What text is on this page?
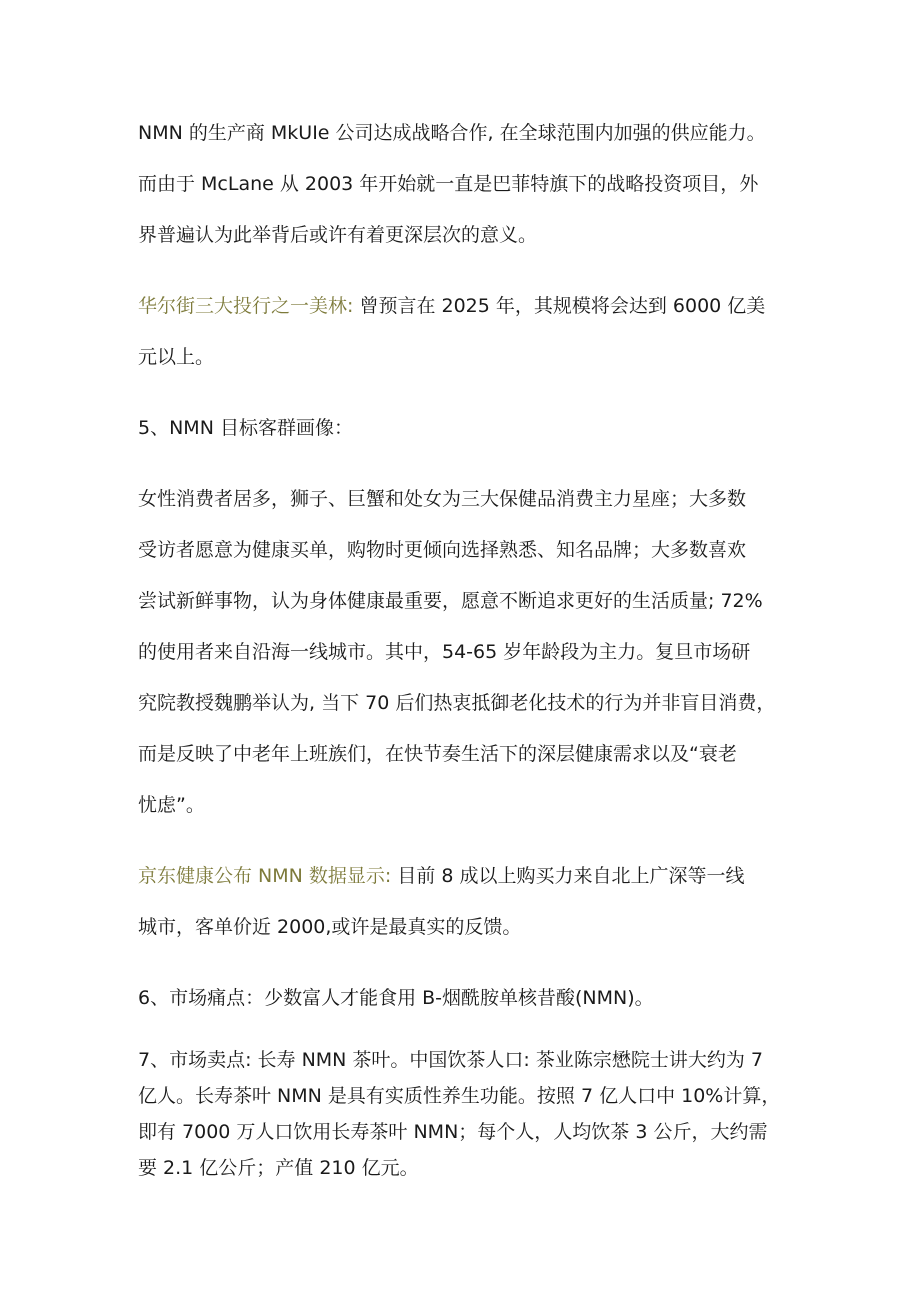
NMN 的生产商 MkUIe 公司达成战略合作, 在全球范围内加强的供应能力。
而由于 McLane 从 2003 年开始就一直是巴菲特旗下的战略投资项目，外
界普遍认为此举背后或许有着更深层次的意义。

华尔街三大投行之一美林: 曾预言在 2025 年，其规模将会达到 6000 亿美
元以上。

5、NMN 目标客群画像：

女性消费者居多，狮子、巨蟹和处女为三大保健品消费主力星座；大多数
受访者愿意为健康买单，购物时更倾向选择熟悉、知名品牌；大多数喜欢
尝试新鲜事物，认为身体健康最重要，愿意不断追求更好的生活质量; 72%
的使用者来自沿海一线城市。其中，54-65 岁年龄段为主力。复旦市场研
究院教授魏鹏举认为, 当下 70 后们热衷抵御老化技术的行为并非盲目消费，
而是反映了中老年上班族们，在快节奏生活下的深层健康需求以及“衰老
忧虑”。

京东健康公布 NMN 数据显示: 目前 8 成以上购买力来自北上广深等一线
城市，客单价近 2000,或许是最真实的反馈。

6、市场痛点：少数富人才能食用 B-烟酰胺单核昔酸(NMN)。

7、市场卖点: 长寿 NMN 茶叶。中国饮茶人口: 茶业陈宗懋院士讲大约为 7
亿人。长寿茶叶 NMN 是具有实质性养生功能。按照 7 亿人口中 10%计算，
即有 7000 万人口饮用长寿茶叶 NMN；每个人，人均饮茶 3 公斤，大约需
要 2.1 亿公斤；产值 210 亿元。
